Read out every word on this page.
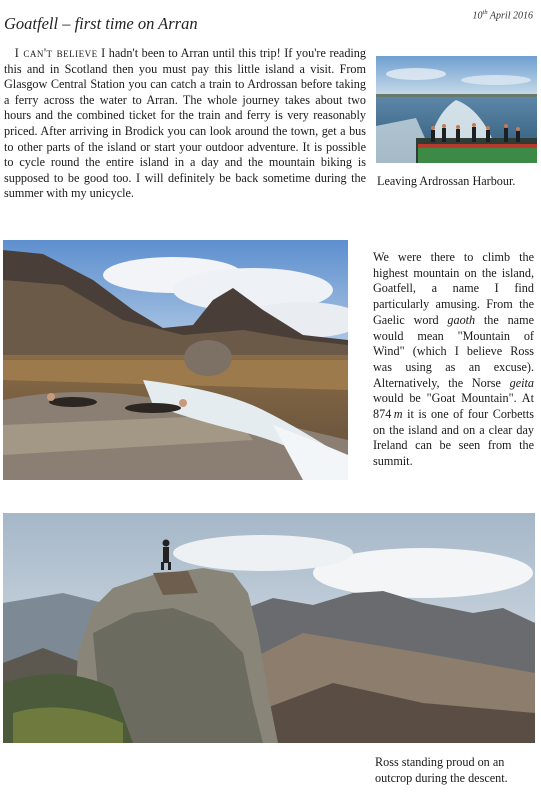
Goatfell – first time on Arran	10th April 2016

I can't believe I hadn't been to Arran until this trip! If you're reading this and in Scotland then you must pay this little island a visit. From Glasgow Central Station you can catch a train to Ardrossan before taking a ferry across the water to Arran. The whole journey takes about two hours and the combined ticket for the train and ferry is very reasonably priced. After arriving in Brodick you can look around the town, get a bus to other parts of the island or start your outdoor adventure. It is possible to cycle round the entire island in a day and the mountain biking is supposed to be good too. I will definitely be back sometime during the summer with my unicycle.

Leaving Ardrossan Harbour.

We were there to climb the highest mountain on the island, Goatfell, a name I find particularly amusing. From the Gaelic word gaoth the name would mean "Mountain of Wind" (which I believe Ross was using as an excuse). Alternatively, the Norse geita would be "Goat Mountain". At 874  m it is one of four Corbetts on the island and on a clear day Ireland can be seen from the summit.

Ross standing proud on an outcrop during the descent.
